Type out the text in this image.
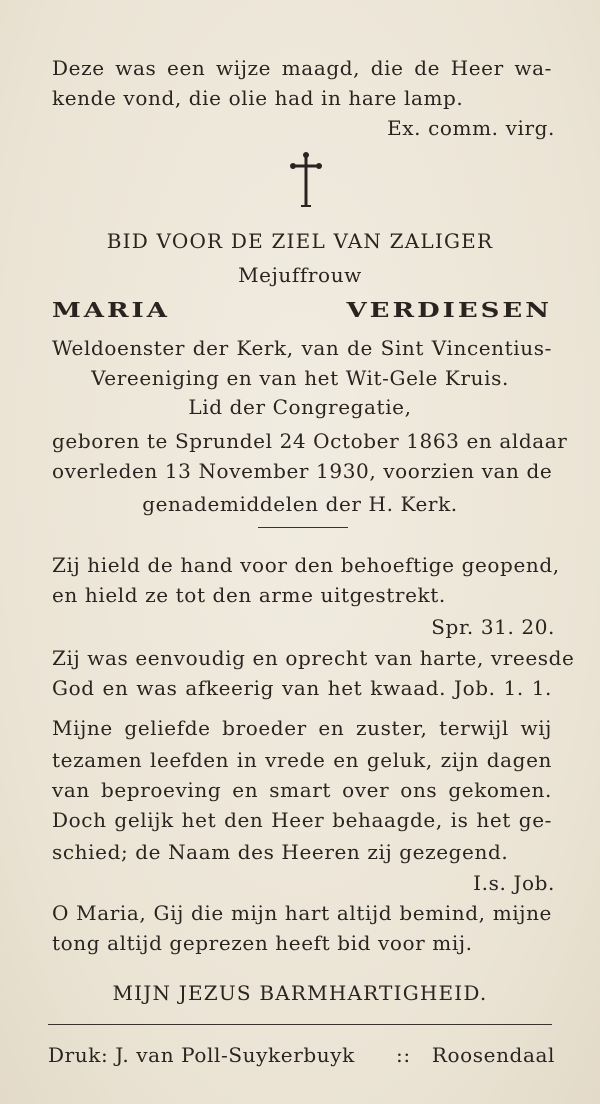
Deze was een wijze maagd, die de Heer wa-
kende vond, die olie had in hare lamp.
Ex. comm. virg.
BID VOOR DE ZIEL VAN ZALIGER
Mejuffrouw
MARIA VERDIESEN
Weldoenster der Kerk, van de Sint Vincentius-
Vereeniging en van het Wit-Gele Kruis.
Lid der Congregatie,
geboren te Sprundel 24 October 1863 en aldaar
overleden 13 November 1930, voorzien van de
genademiddelen der H. Kerk.
Zij hield de hand voor den behoeftige geopend,
en hield ze tot den arme uitgestrekt.
Spr. 31. 20.
Zij was eenvoudig en oprecht van harte, vreesde
God en was afkeerig van het kwaad. Job. 1. 1.
Mijne geliefde broeder en zuster, terwijl wij
tezamen leefden in vrede en geluk, zijn dagen
van beproeving en smart over ons gekomen.
Doch gelijk het den Heer behaagde, is het ge-
schied; de Naam des Heeren zij gezegend.
I.s. Job.
O Maria, Gij die mijn hart altijd bemind, mijne
tong altijd geprezen heeft bid voor mij.
MIJN JEZUS BARMHARTIGHEID.
Druk: J. van Poll-Suykerbuyk :: Roosendaal
